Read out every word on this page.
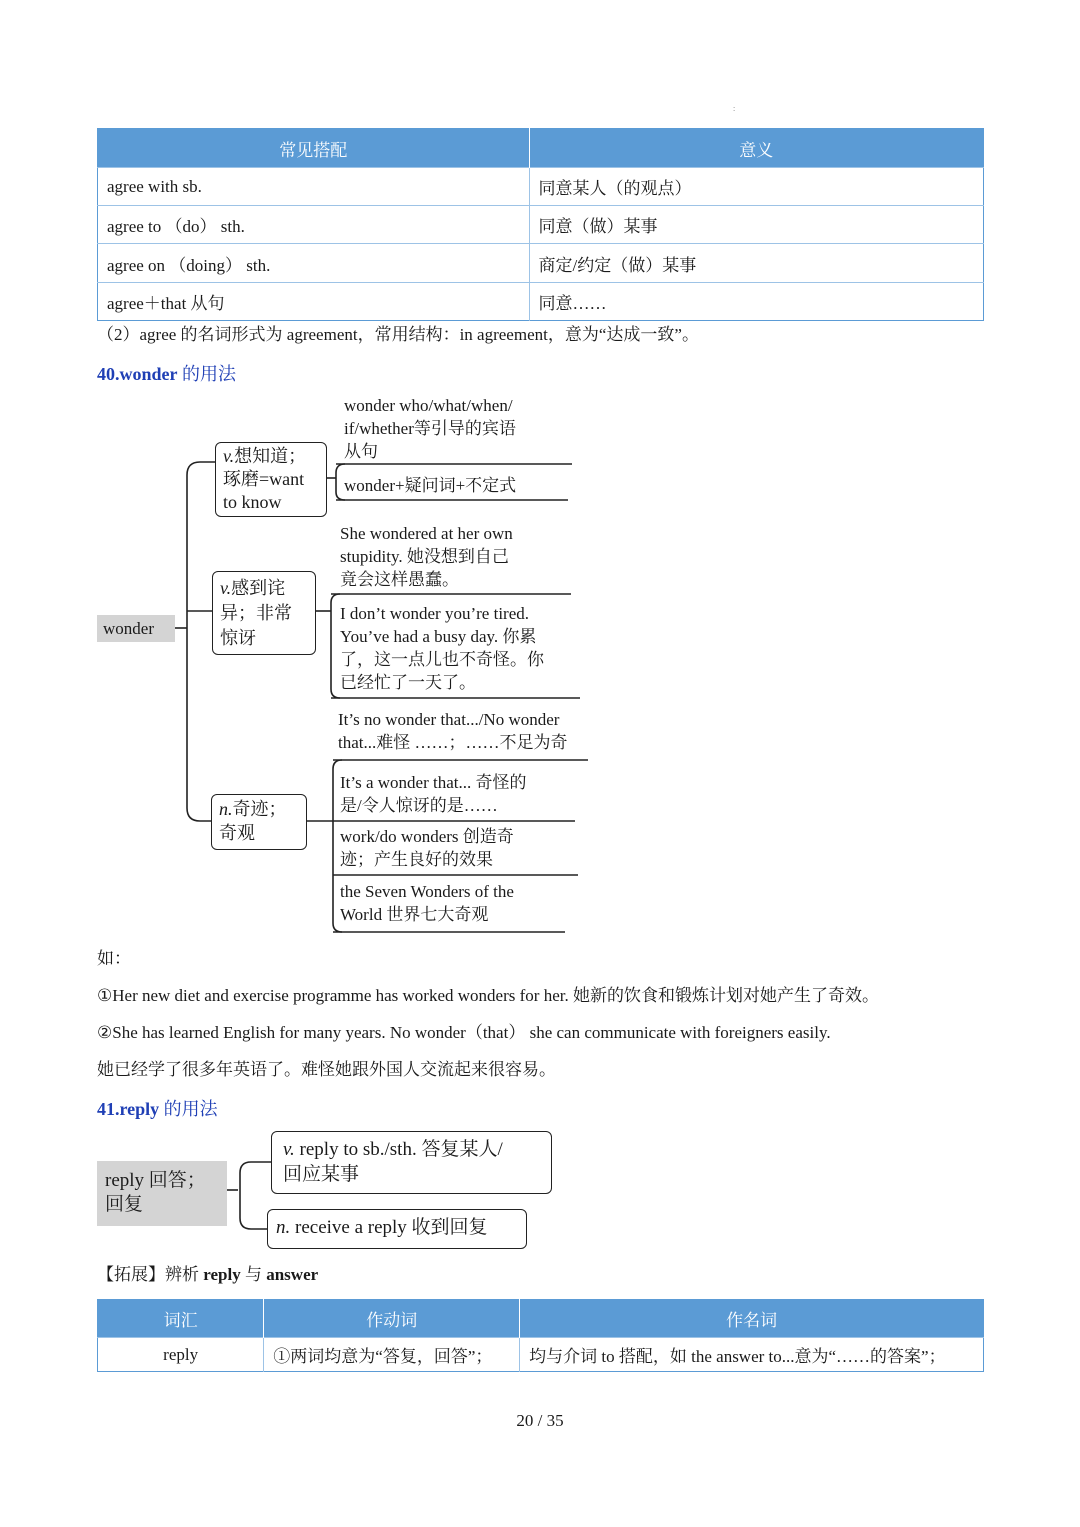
:
常见搭配	意义
agree with sb.	同意某人（的观点）
agree to （do） sth.	同意（做）某事
agree on （doing） sth.	商定/约定（做）某事
agree＋that 从句	同意……
（2）agree 的名词形式为 agreement，常用结构：in agreement，意为“达成一致”。
40.wonder 的用法
wonder
v.想知道；
琢磨=want
to know
wonder who/what/when/
if/whether等引导的宾语
从句
wonder+疑问词+不定式
v.感到诧
异；非常
惊讶
She wondered at her own
stupidity. 她没想到自己
竟会这样愚蠢。
I don’t wonder you’re tired.
You’ve had a busy day. 你累
了，这一点儿也不奇怪。你
已经忙了一天了。
n.奇迹；
奇观
It’s no wonder that.../No wonder
that...难怪 ……；……不足为奇
It’s a wonder that... 奇怪的
是/令人惊讶的是……
work/do wonders 创造奇
迹；产生良好的效果
the Seven Wonders of the
World 世界七大奇观
如：
①Her new diet and exercise programme has worked wonders for her. 她新的饮食和锻炼计划对她产生了奇效。
②She has learned English for many years. No wonder（that） she can communicate with foreigners easily.
她已经学了很多年英语了。难怪她跟外国人交流起来很容易。
41.reply 的用法
reply 回答；
回复
v. reply to sb./sth. 答复某人/
回应某事
n. receive a reply 收到回复
【拓展】辨析 reply 与 answer
词汇	作动词	作名词
reply	①两词均意为“答复，回答”；	均与介词 to 搭配，如 the answer to...意为“……的答案”；
20 / 35
